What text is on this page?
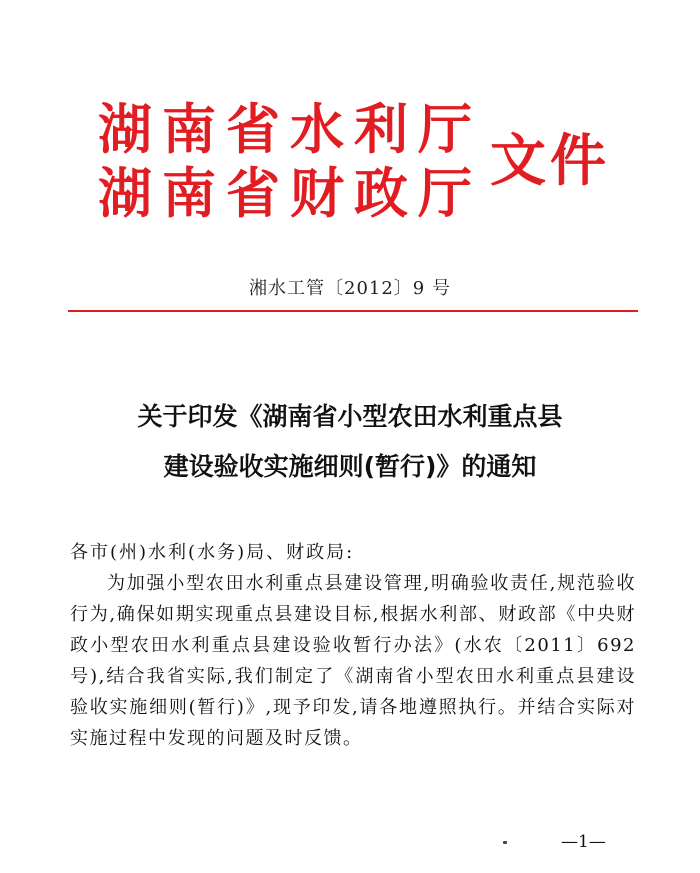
湖南省水利厅
湖南省财政厅 文件
湘水工管〔2012〕9 号
关于印发《湖南省小型农田水利重点县
建设验收实施细则(暂行)》的通知
各市(州)水利(水务)局、财政局:

为加强小型农田水利重点县建设管理,明确验收责任,规范验收行为,确保如期实现重点县建设目标,根据水利部、财政部《中央财政小型农田水利重点县建设验收暂行办法》(水农〔2011〕692号),结合我省实际,我们制定了《湖南省小型农田水利重点县建设验收实施细则(暂行)》,现予印发,请各地遵照执行。并结合实际对实施过程中发现的问题及时反馈。

—1—
